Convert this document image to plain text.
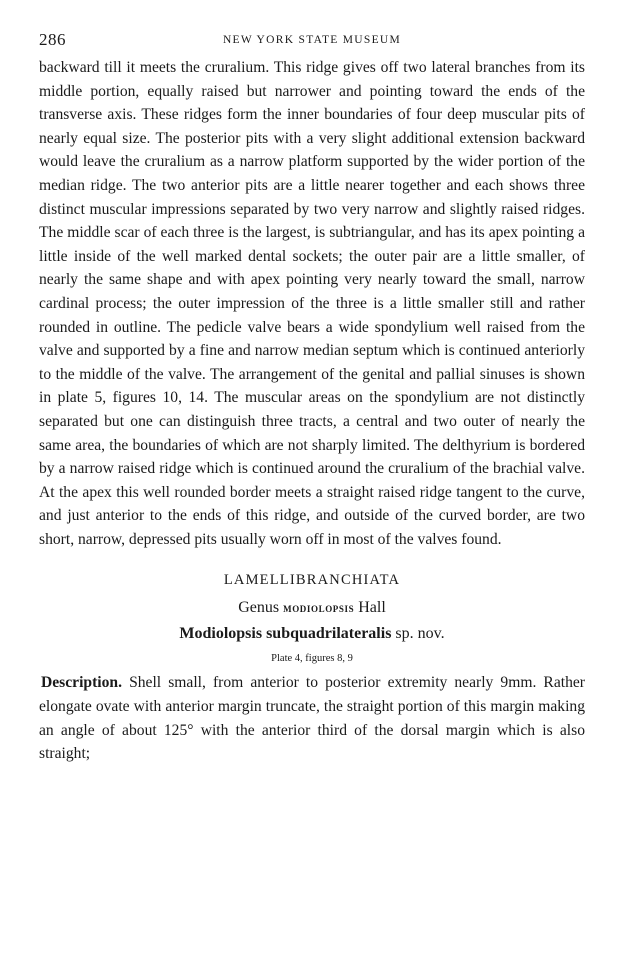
286	NEW YORK STATE MUSEUM

backward till it meets the cruralium. This ridge gives off two lateral branches from its middle portion, equally raised but narrower and pointing toward the ends of the transverse axis. These ridges form the inner boundaries of four deep muscular pits of nearly equal size. The posterior pits with a very slight additional extension backward would leave the cruralium as a narrow platform supported by the wider portion of the median ridge. The two anterior pits are a little nearer together and each shows three distinct muscular impressions separated by two very narrow and slightly raised ridges. The middle scar of each three is the largest, is subtriangular, and has its apex pointing a little inside of the well marked dental sockets; the outer pair are a little smaller, of nearly the same shape and with apex pointing very nearly toward the small, narrow cardinal process; the outer impression of the three is a little smaller still and rather rounded in outline. The pedicle valve bears a wide spondylium well raised from the valve and supported by a fine and narrow median septum which is continued anteriorly to the middle of the valve. The arrangement of the genital and pallial sinuses is shown in plate 5, figures 10, 14. The muscular areas on the spondylium are not distinctly separated but one can distinguish three tracts, a central and two outer of nearly the same area, the boundaries of which are not sharply limited. The delthyrium is bordered by a narrow raised ridge which is continued around the cruralium of the brachial valve. At the apex this well rounded border meets a straight raised ridge tangent to the curve, and just anterior to the ends of this ridge, and outside of the curved border, are two short, narrow, depressed pits usually worn off in most of the valves found.

LAMELLIBRANCHIATA
Genus modiolopsis Hall
Modiolopsis subquadrilateralis sp. nov.
Plate 4, figures 8, 9

Description. Shell small, from anterior to posterior extremity nearly 9mm. Rather elongate ovate with anterior margin truncate, the straight portion of this margin making an angle of about 125° with the anterior third of the dorsal margin which is also straight;
